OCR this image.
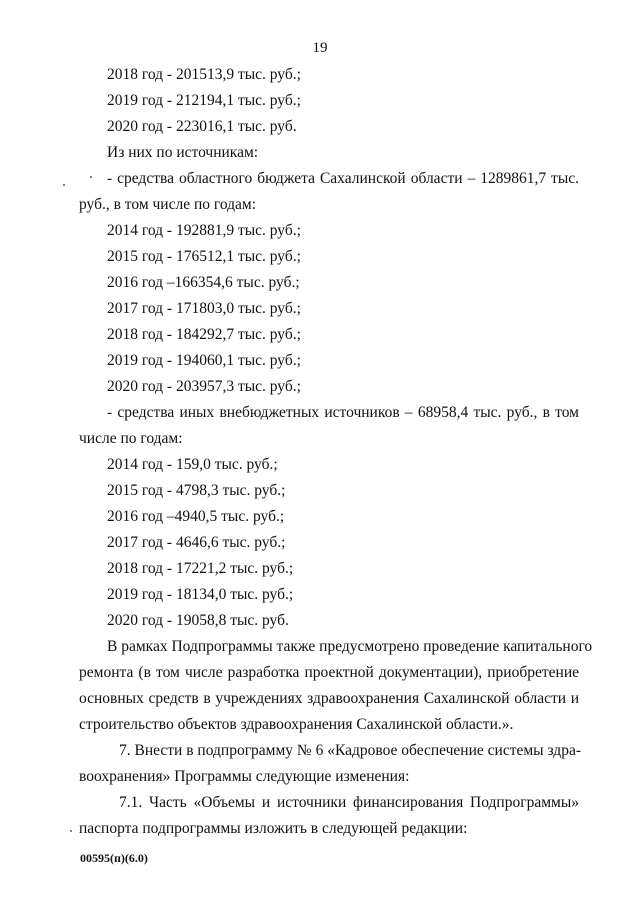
19
2018 год - 201513,9 тыс. руб.;
2019 год - 212194,1 тыс. руб.;
2020 год - 223016,1 тыс. руб.
Из них по источникам:
- средства областного бюджета Сахалинской области – 1289861,7 тыс.
руб., в том числе по годам:
2014 год - 192881,9 тыс. руб.;
2015 год - 176512,1 тыс. руб.;
2016 год –166354,6 тыс. руб.;
2017 год - 171803,0 тыс. руб.;
2018 год - 184292,7 тыс. руб.;
2019 год - 194060,1 тыс. руб.;
2020 год - 203957,3 тыс. руб.;
- средства иных внебюджетных источников – 68958,4 тыс. руб., в том
числе по годам:
2014 год - 159,0 тыс. руб.;
2015 год - 4798,3 тыс. руб.;
2016 год –4940,5 тыс. руб.;
2017 год - 4646,6 тыс. руб.;
2018 год - 17221,2 тыс. руб.;
2019 год - 18134,0 тыс. руб.;
2020 год - 19058,8 тыс. руб.
В рамках Подпрограммы также предусмотрено проведение капитального
ремонта (в том числе разработка проектной документации), приобретение
основных средств в учреждениях здравоохранения Сахалинской области и
строительство объектов здравоохранения Сахалинской области.».
7. Внести в подпрограмму № 6 «Кадровое обеспечение системы здра-
воохранения» Программы следующие изменения:
7.1. Часть «Объемы и источники финансирования Подпрограммы»
паспорта подпрограммы изложить в следующей редакции:
00595(п)(6.0)
